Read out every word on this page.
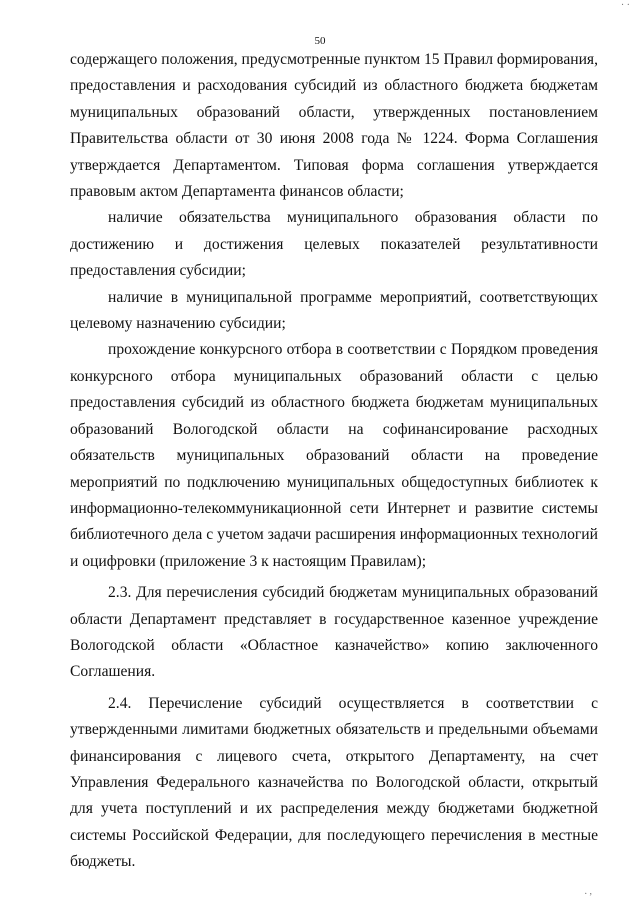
· ·
50

содержащего положения, предусмотренные пунктом 15 Правил формирования, предоставления и расходования субсидий из областного бюджета бюджетам муниципальных образований области, утвержденных постановлением Правительства области от 30 июня 2008 года № 1224. Форма Соглашения утверждается Департаментом. Типовая форма соглашения утверждается правовым актом Департамента финансов области;

наличие обязательства муниципального образования области по достижению и достижения целевых показателей результативности предоставления субсидии;

наличие в муниципальной программе мероприятий, соответствующих целевому назначению субсидии;

прохождение конкурсного отбора в соответствии с Порядком проведения конкурсного отбора муниципальных образований области с целью предоставления субсидий из областного бюджета бюджетам муниципальных образований Вологодской области на софинансирование расходных обязательств муниципальных образований области на проведение мероприятий по подключению муниципальных общедоступных библиотек к информационно-телекоммуникационной сети Интернет и развитие системы библиотечного дела с учетом задачи расширения информационных технологий и оцифровки (приложение 3 к настоящим Правилам);

2.3. Для перечисления субсидий бюджетам муниципальных образований области Департамент представляет в государственное казенное учреждение Вологодской области «Областное казначейство» копию заключенного Соглашения.

2.4. Перечисление субсидий осуществляется в соответствии с утвержденными лимитами бюджетных обязательств и предельными объемами финансирования с лицевого счета, открытого Департаменту, на счет Управления Федерального казначейства по Вологодской области, открытый для учета поступлений и их распределения между бюджетами бюджетной системы Российской Федерации, для последующего перечисления в местные бюджеты.

. ,
